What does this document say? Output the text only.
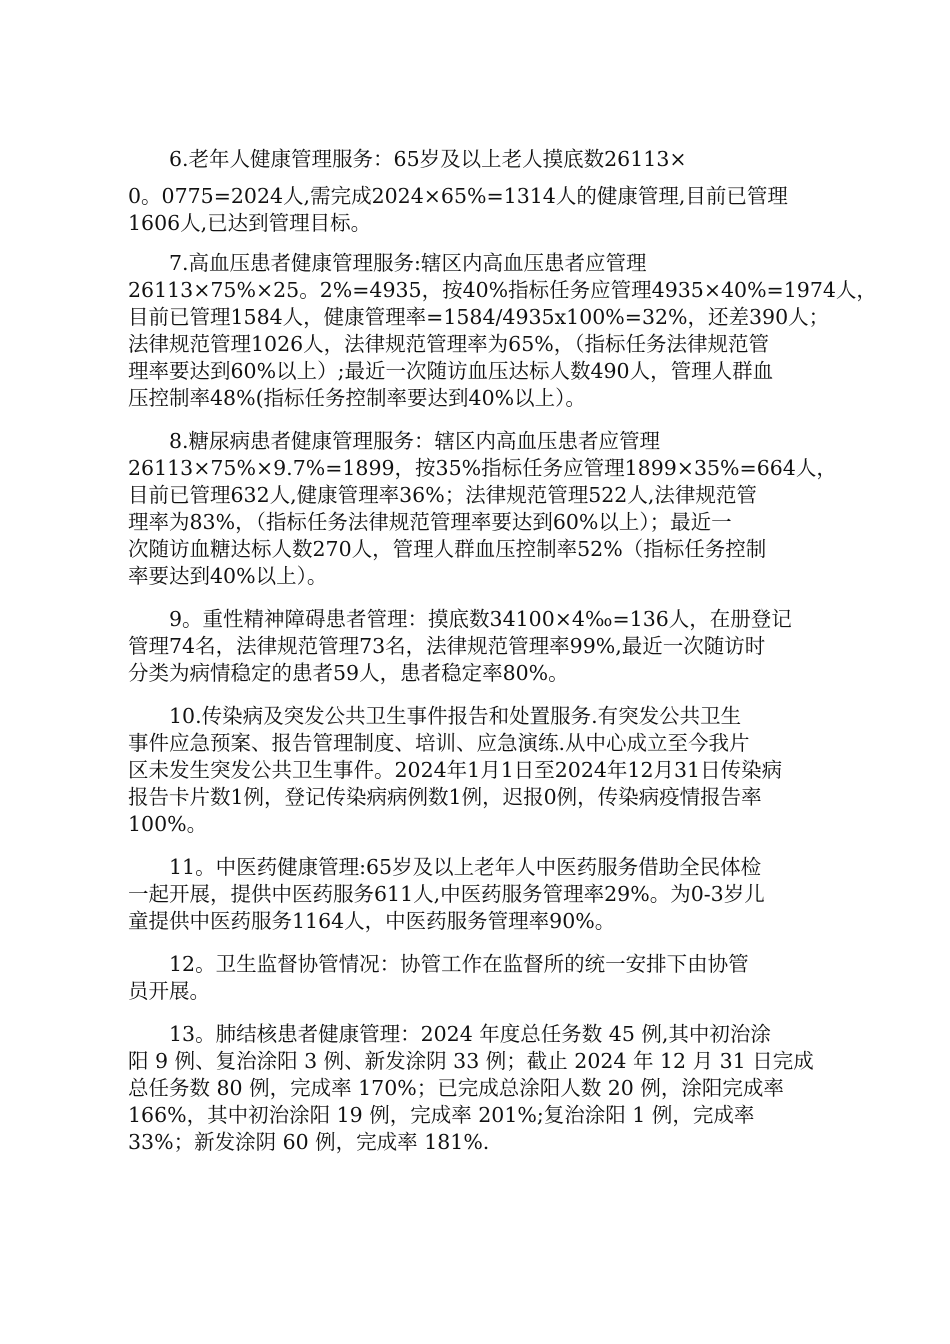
6.老年人健康管理服务：65岁及以上老人摸底数26113×
0。0775=2024人,需完成2024×65%=1314人的健康管理,目前已管理
1606人,已达到管理目标。
7.高血压患者健康管理服务:辖区内高血压患者应管理
26113×75%×25。2%=4935，按40%指标任务应管理4935×40%=1974人，
目前已管理1584人，健康管理率=1584/4935x100%=32%，还差390人；
法律规范管理1026人，法律规范管理率为65%，（指标任务法律规范管
理率要达到60%以上）;最近一次随访血压达标人数490人，管理人群血
压控制率48%(指标任务控制率要达到40%以上）。
8.糖尿病患者健康管理服务：辖区内高血压患者应管理
26113×75%×9.7%=1899，按35%指标任务应管理1899×35%=664人，
目前已管理632人,健康管理率36%；法律规范管理522人,法律规范管
理率为83%，（指标任务法律规范管理率要达到60%以上）；最近一
次随访血糖达标人数270人，管理人群血压控制率52%（指标任务控制
率要达到40%以上）。
9。重性精神障碍患者管理：摸底数34100×4‰=136人，在册登记
管理74名，法律规范管理73名，法律规范管理率99%,最近一次随访时
分类为病情稳定的患者59人，患者稳定率80%。
10.传染病及突发公共卫生事件报告和处置服务.有突发公共卫生
事件应急预案、报告管理制度、培训、应急演练.从中心成立至今我片
区未发生突发公共卫生事件。2024年1月1日至2024年12月31日传染病
报告卡片数1例，登记传染病病例数1例，迟报0例，传染病疫情报告率
100%。
11。中医药健康管理:65岁及以上老年人中医药服务借助全民体检
一起开展，提供中医药服务611人,中医药服务管理率29%。为0-3岁儿
童提供中医药服务1164人，中医药服务管理率90%。
12。卫生监督协管情况：协管工作在监督所的统一安排下由协管
员开展。
13。肺结核患者健康管理：2024 年度总任务数 45 例,其中初治涂
阳 9 例、复治涂阳 3 例、新发涂阴 33 例；截止 2024 年 12 月 31 日完成
总任务数 80 例，完成率 170%；已完成总涂阳人数 20 例，涂阳完成率
166%，其中初治涂阳 19 例，完成率 201%;复治涂阳 1 例，完成率
33%；新发涂阴 60 例，完成率 181%.
